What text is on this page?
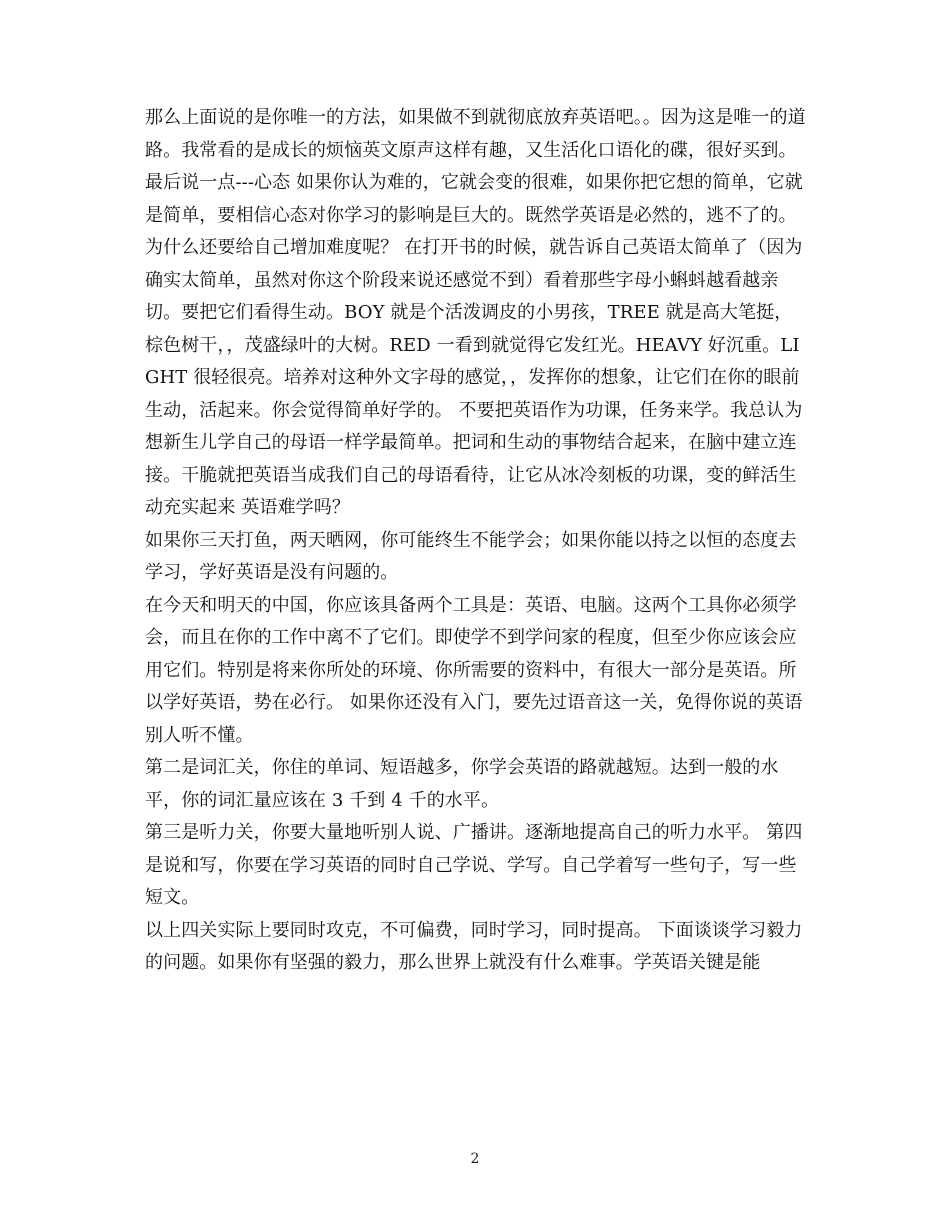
那么上面说的是你唯一的方法，如果做不到就彻底放弃英语吧。。因为这是唯一的道路。我常看的是成长的烦恼英文原声这样有趣，又生活化口语化的碟，很好买到。 最后说一点---心态 如果你认为难的，它就会变的很难，如果你把它想的简单，它就是简单，要相信心态对你学习的影响是巨大的。既然学英语是必然的，逃不了的。为什么还要给自己增加难度呢？ 在打开书的时候，就告诉自己英语太简单了（因为确实太简单，虽然对你这个阶段来说还感觉不到）看着那些字母小蝌蚪越看越亲切。要把它们看得生动。BOY 就是个活泼调皮的小男孩，TREE 就是高大笔挺，棕色树干，，茂盛绿叶的大树。RED 一看到就觉得它发红光。HEAVY 好沉重。LIGHT 很轻很亮。培养对这种外文字母的感觉，，发挥你的想象，让它们在你的眼前生动，活起来。你会觉得简单好学的。 不要把英语作为功课，任务来学。我总认为想新生儿学自己的母语一样学最简单。把词和生动的事物结合起来，在脑中建立连接。干脆就把英语当成我们自己的母语看待，让它从冰冷刻板的功课，变的鲜活生动充实起来 英语难学吗？

如果你三天打鱼，两天晒网，你可能终生不能学会；如果你能以持之以恒的态度去学习，学好英语是没有问题的。

在今天和明天的中国，你应该具备两个工具是：英语、电脑。这两个工具你必须学会，而且在你的工作中离不了它们。即使学不到学问家的程度，但至少你应该会应用它们。特别是将来你所处的环境、你所需要的资料中，有很大一部分是英语。所以学好英语，势在必行。 如果你还没有入门，要先过语音这一关，免得你说的英语别人听不懂。

第二是词汇关，你住的单词、短语越多，你学会英语的路就越短。达到一般的水平，你的词汇量应该在 3 千到 4 千的水平。

第三是听力关，你要大量地听别人说、广播讲。逐渐地提高自己的听力水平。 第四是说和写，你要在学习英语的同时自己学说、学写。自己学着写一些句子，写一些短文。

以上四关实际上要同时攻克，不可偏费，同时学习，同时提高。 下面谈谈学习毅力的问题。如果你有坚强的毅力，那么世界上就没有什么难事。学英语关键是能

2
